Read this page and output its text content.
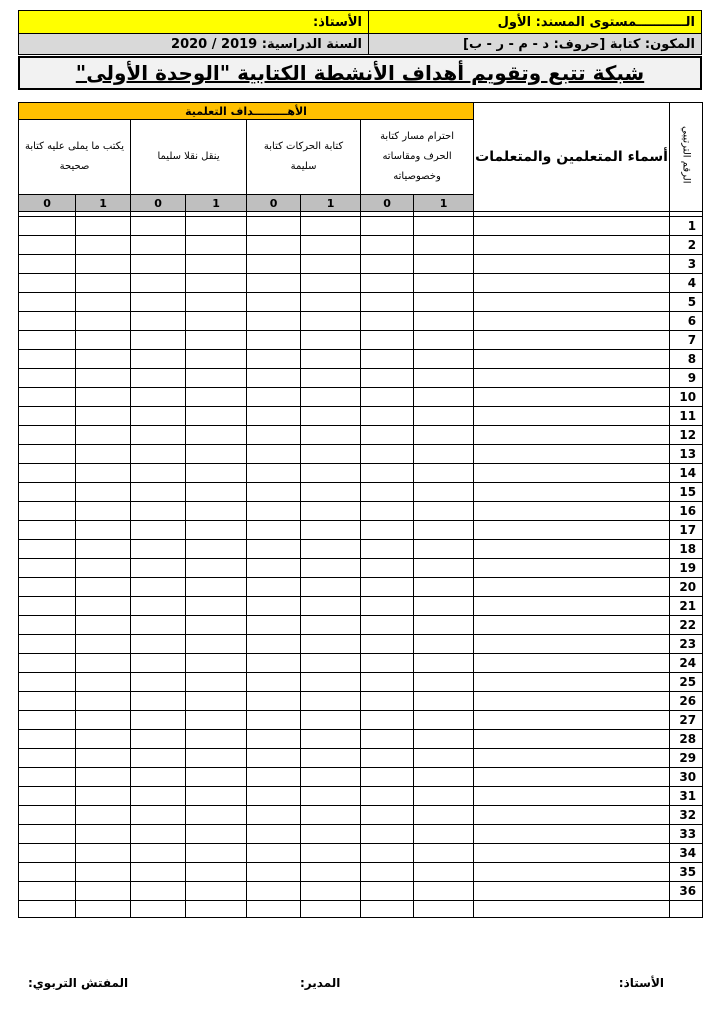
الـــــــــــمستوى المسند: الأول	الأستاذ:
المكون: كتابة [حروف: د - م - ر - ب]	السنة الدراسية: 2019 / 2020
شبكة تتبع وتقويم أهداف الأنشطة الكتابية "الوحدة الأولى"
الرقم الترتيبي	أسماء المتعلمين والمتعلمات	الأهـــــــــداف التعلمية							
		احترام مسار كتابة الحرف ومقاساته وخصوصياته		كتابة الحركات كتابة سليمة		ينقل نقلا سليما		يكتب ما يملى عليه كتابة صحيحة	
		1	0	1	0	1	0	1	0

1									
2									
3									
4									
5									
6									
7									
8									
9									
10									
11									
12									
13									
14									
15									
16									
17									
18									
19									
20									
21									
22									
23									
24									
25									
26									
27									
28									
29									
30									
31									
32									
33									
34									
35									
36									

الأستاذ:
المدير:
المفتش التربوي:
